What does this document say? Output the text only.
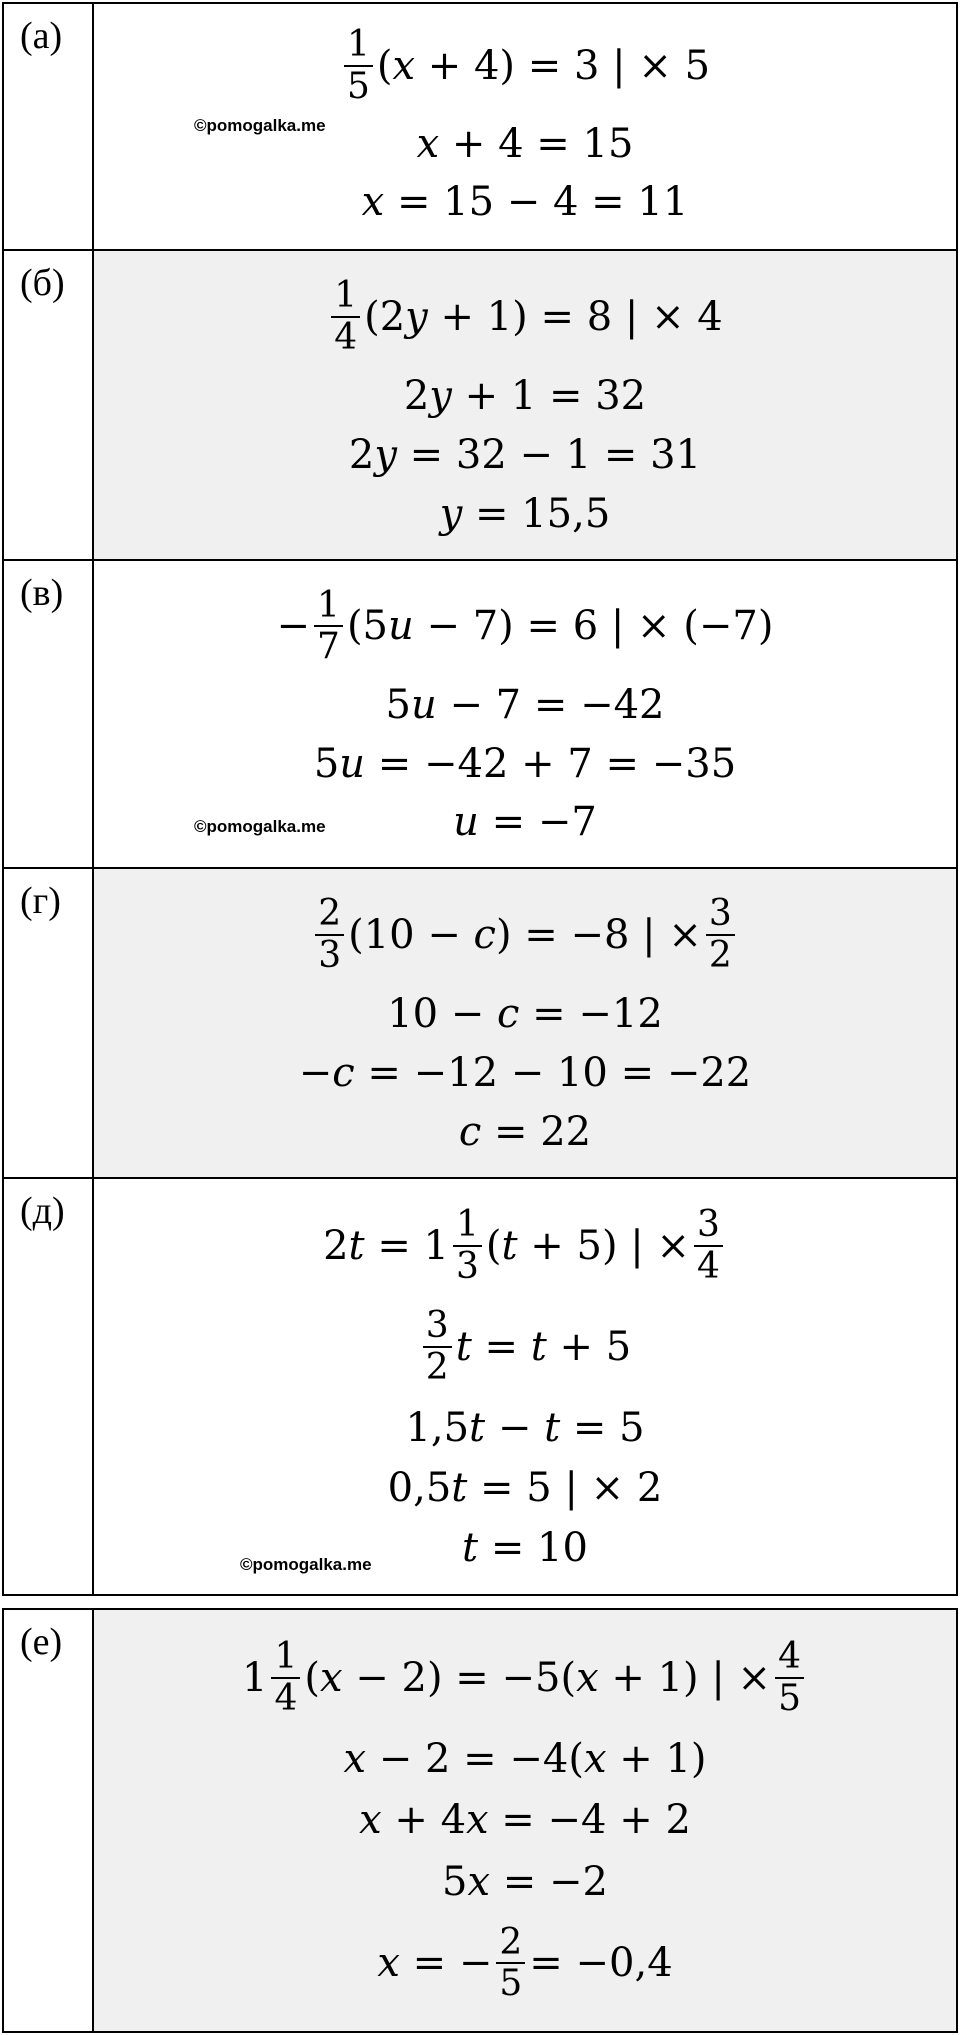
(а)	$\frac{1}{5}$ (𝑥 + 4) = 3 | × 5
𝑥 + 4 = 15
𝑥 = 15 − 4 = 11
©pomogalka.me
(б)	$\frac{1}{4}$ (2𝑦 + 1) = 8 | × 4
2𝑦 + 1 = 32
2𝑦 = 32 − 1 = 31
𝑦 = 15,5
(в)
− $\frac{1}{7}$ (5𝑢 − 7) = 6 | × (−7)
5𝑢 − 7 = −42
5𝑢 = −42 + 7 = −35
𝑢 = −7
©pomogalka.me
(г)	$\frac{2}{3} (10$ − 𝑐) = −8 | × $\frac{3}{2}$
10 − 𝑐 = −12
−𝑐 = −12 − 10 = −22
𝑐 = 22
(д)
2𝑡 = $1 \frac{1}{3}$ (𝑡 + 5) | × $\frac{3}{4}$
$\frac{3}{2}$ 𝑡 = 𝑡 + 5
1,5𝑡 − 𝑡 = 5
0,5𝑡 = 5 | × 2
𝑡 = 10
©pomogalka.me
(е)
$1 \frac{1}{4}$ (𝑥 − 2) = −5(𝑥 + 1) | × $\frac{4}{5}$
𝑥 − 2 = −4(𝑥 + 1)
𝑥 + 4𝑥 = −4 + 2
5𝑥 = −2
𝑥 = − $\frac{2}{5} = -0,4$
